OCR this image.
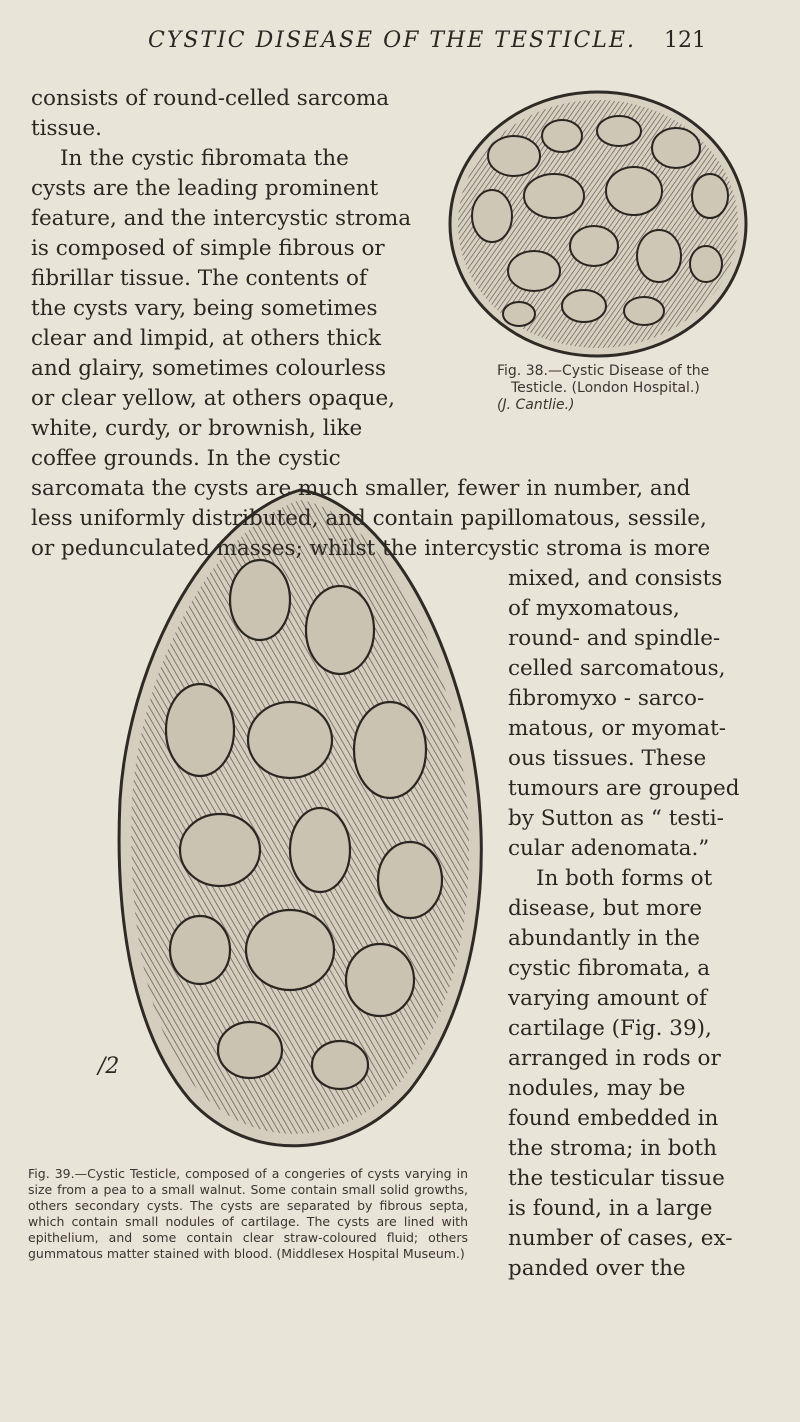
CYSTIC DISEASE OF THE TESTICLE. 121
Fig. 38.—Cystic Disease of the
Testicle. (London Hospital.)
(J. Cantlie.)
/2
Fig. 39.—Cystic Testicle, composed of a congeries of cysts varying in size from a pea to a small walnut. Some contain small solid growths, others secondary cysts. The cysts are separated by fibrous septa, which contain small nodules of cartilage. The cysts are lined with epithelium, and some contain clear straw-coloured fluid; others gummatous matter stained with blood. (Middlesex Hospital Museum.)
consists of round-celled sarcoma
tissue.
In the cystic fibromata the
cysts are the leading prominent
feature, and the intercystic stroma
is composed of simple fibrous or
fibrillar tissue. The contents of
the cysts vary, being sometimes
clear and limpid, at others thick
and glairy, sometimes colourless
or clear yellow, at others opaque,
white, curdy, or brownish, like
coffee grounds. In the cystic
sarcomata the cysts are much smaller, fewer in number, and
less uniformly distributed, and contain papillomatous, sessile,
or pedunculated masses; whilst the intercystic stroma is more
mixed, and consists
of myxomatous,
round- and spindle-
celled sarcomatous,
fibromyxo - sarco-
matous, or myomat-
ous tissues. These
tumours are grouped
by Sutton as “ testi-
cular adenomata.”
In both forms ot
disease, but more
abundantly in the
cystic fibromata, a
varying amount of
cartilage (Fig. 39),
arranged in rods or
nodules, may be
found embedded in
the stroma; in both
the testicular tissue
is found, in a large
number of cases, ex-
panded over the
